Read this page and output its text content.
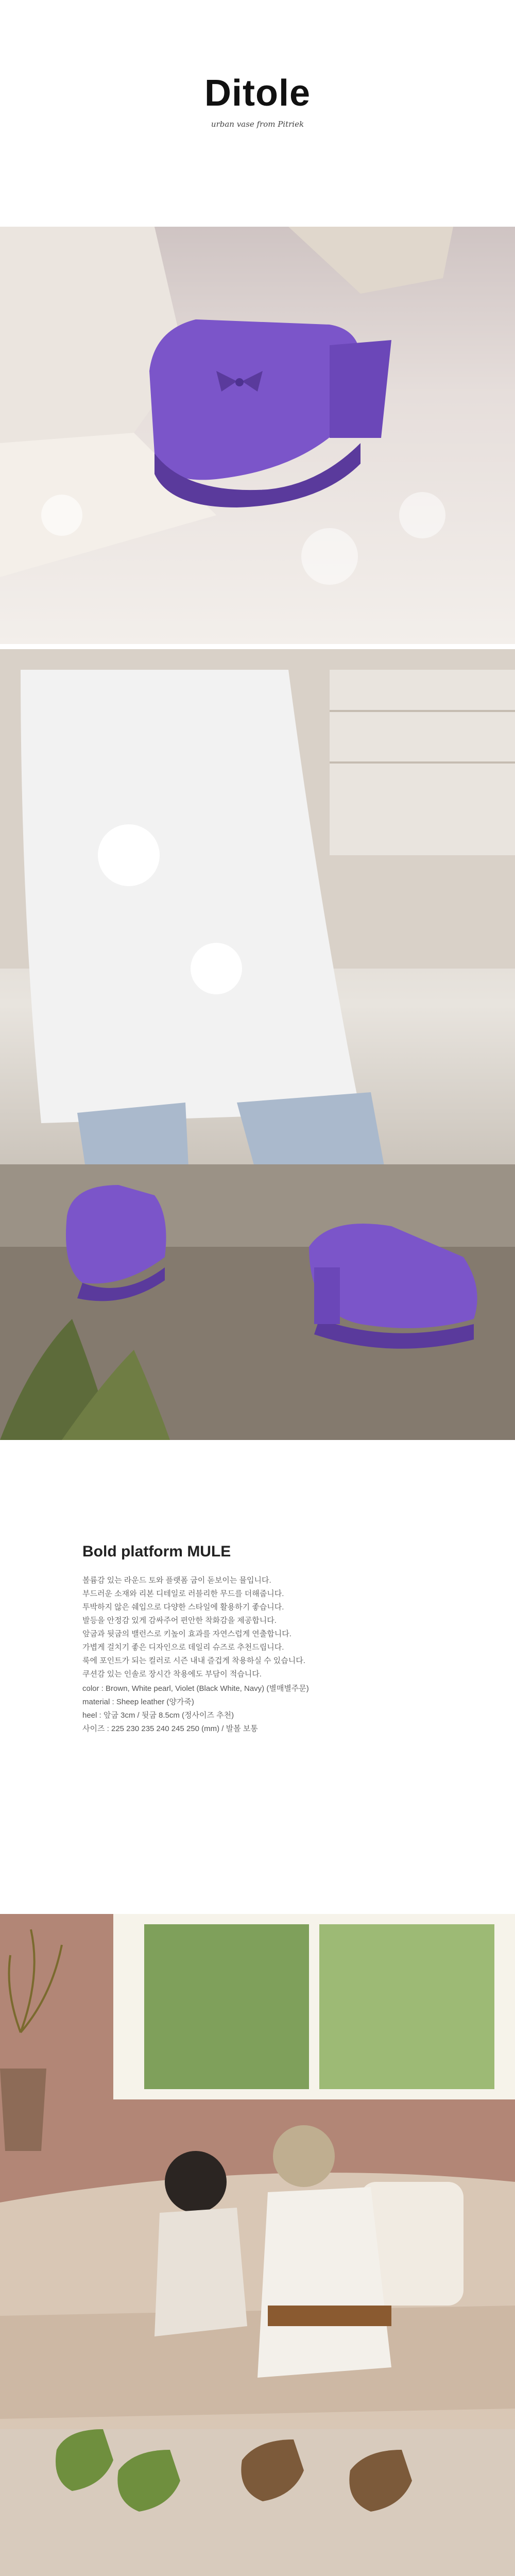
Ditole
urban vase from Pitriek
Bold platform MULE
볼륨감 있는 라운드 토와 플랫폼 굽이 돋보이는 뮬입니다.
부드러운 소재와 리본 디테일로 러블리한 무드를 더해줍니다.
투박하지 않은 쉐입으로 다양한 스타일에 활용하기 좋습니다.
발등을 안정감 있게 감싸주어 편안한 착화감을 제공합니다.
앞굽과 뒷굽의 밸런스로 키높이 효과를 자연스럽게 연출합니다.
가볍게 걸치기 좋은 디자인으로 데일리 슈즈로 추천드립니다.
룩에 포인트가 되는 컬러로 시즌 내내 즐겁게 착용하실 수 있습니다.
쿠션감 있는 인솔로 장시간 착용에도 부담이 적습니다.
color : Brown, White pearl, Violet (Black White, Navy) (별매별주문)
material : Sheep leather (양가죽)
heel : 앞굽 3cm / 뒷굽 8.5cm (정사이즈 추천)
사이즈 : 225 230 235 240 245 250 (mm) / 발볼 보통
